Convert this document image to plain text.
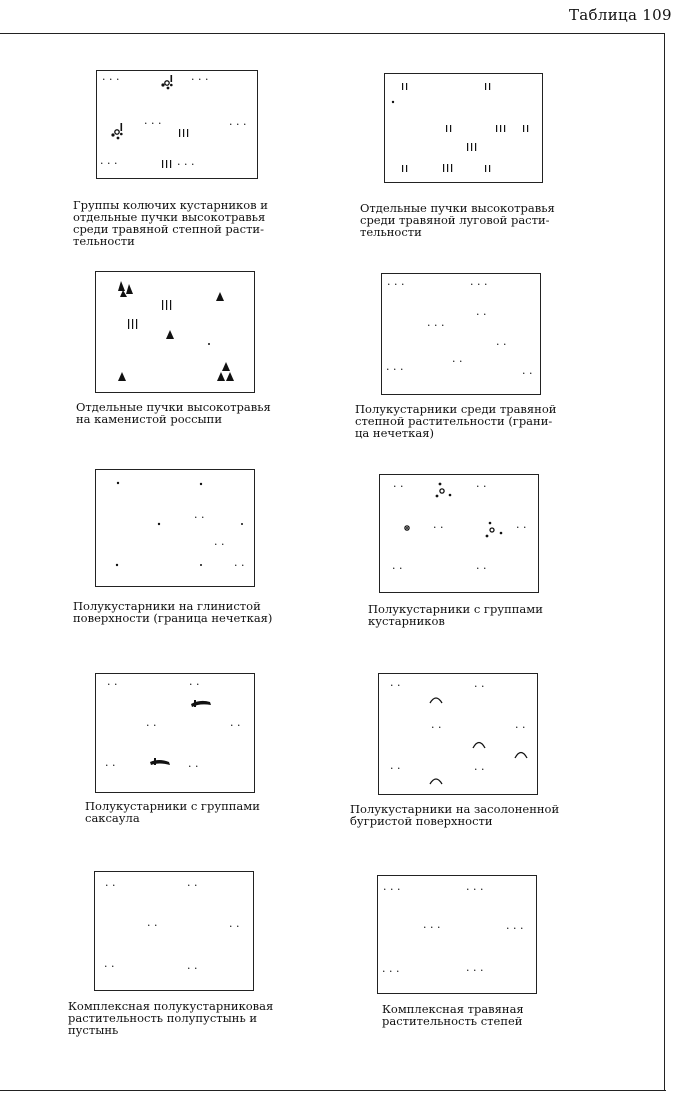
Таблица 109
· · ·	· · ·
· · ·	· · ·
· · ·	· · ·
Группы колючих кустарников и
отдельные пучки высокотравья
среди травяной степной расти-
тельности
Отдельные пучки высокотравья
среди травяной луговой расти-
тельности
Отдельные пучки высокотравья
на каменистой россыпи
· · ·	· · ·
· ·
· · ·
· ·
· ·
· · ·	· ·
Полукустарники среди травяной
степной растительности (грани-
ца нечеткая)
· ·
· ·
· ·
Полукустарники на глинистой
поверхности (граница нечеткая)
· ·	· ·
· ·	· ·
· ·	· ·
Полукустарники с группами
кустарников
· ·	· ·
· ·	· ·
· ·	· ·
Полукустарники с группами
саксаула
· ·	· ·
· ·	· ·
· ·	· ·
Полукустарники на засолоненной
бугристой поверхности
· ·	· ·
· ·	· ·
· ·	· ·
Комплексная полукустарниковая
растительность полупустынь и
пустынь
· · ·	· · ·
· · ·	· · ·
· · ·	· · ·
Комплексная травяная
растительность степей
